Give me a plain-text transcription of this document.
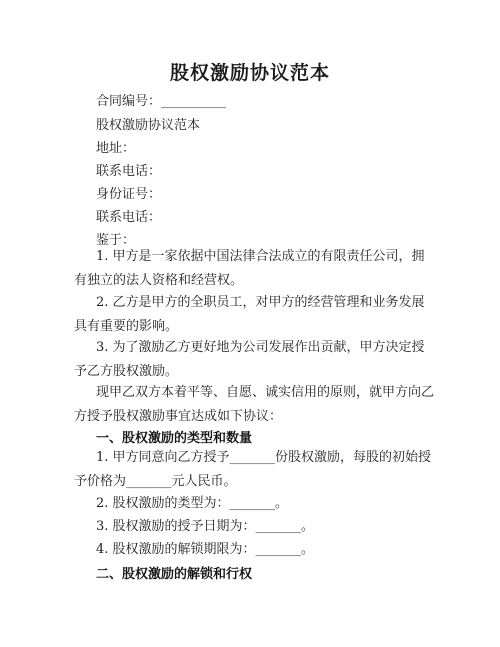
股权激励协议范本
合同编号：__________
股权激励协议范本
地址：
联系电话：
身份证号：
联系电话：
鉴于：
1. 甲方是一家依据中国法律合法成立的有限责任公司，拥有独立的法人资格和经营权。
2. 乙方是甲方的全职员工，对甲方的经营管理和业务发展具有重要的影响。
3. 为了激励乙方更好地为公司发展作出贡献，甲方决定授予乙方股权激励。
现甲乙双方本着平等、自愿、诚实信用的原则，就甲方向乙方授予股权激励事宜达成如下协议：
一、股权激励的类型和数量
1. 甲方同意向乙方授予_______份股权激励，每股的初始授予价格为_______元人民币。
2. 股权激励的类型为：_______。
3. 股权激励的授予日期为：_______。
4. 股权激励的解锁期限为：_______。
二、股权激励的解锁和行权
